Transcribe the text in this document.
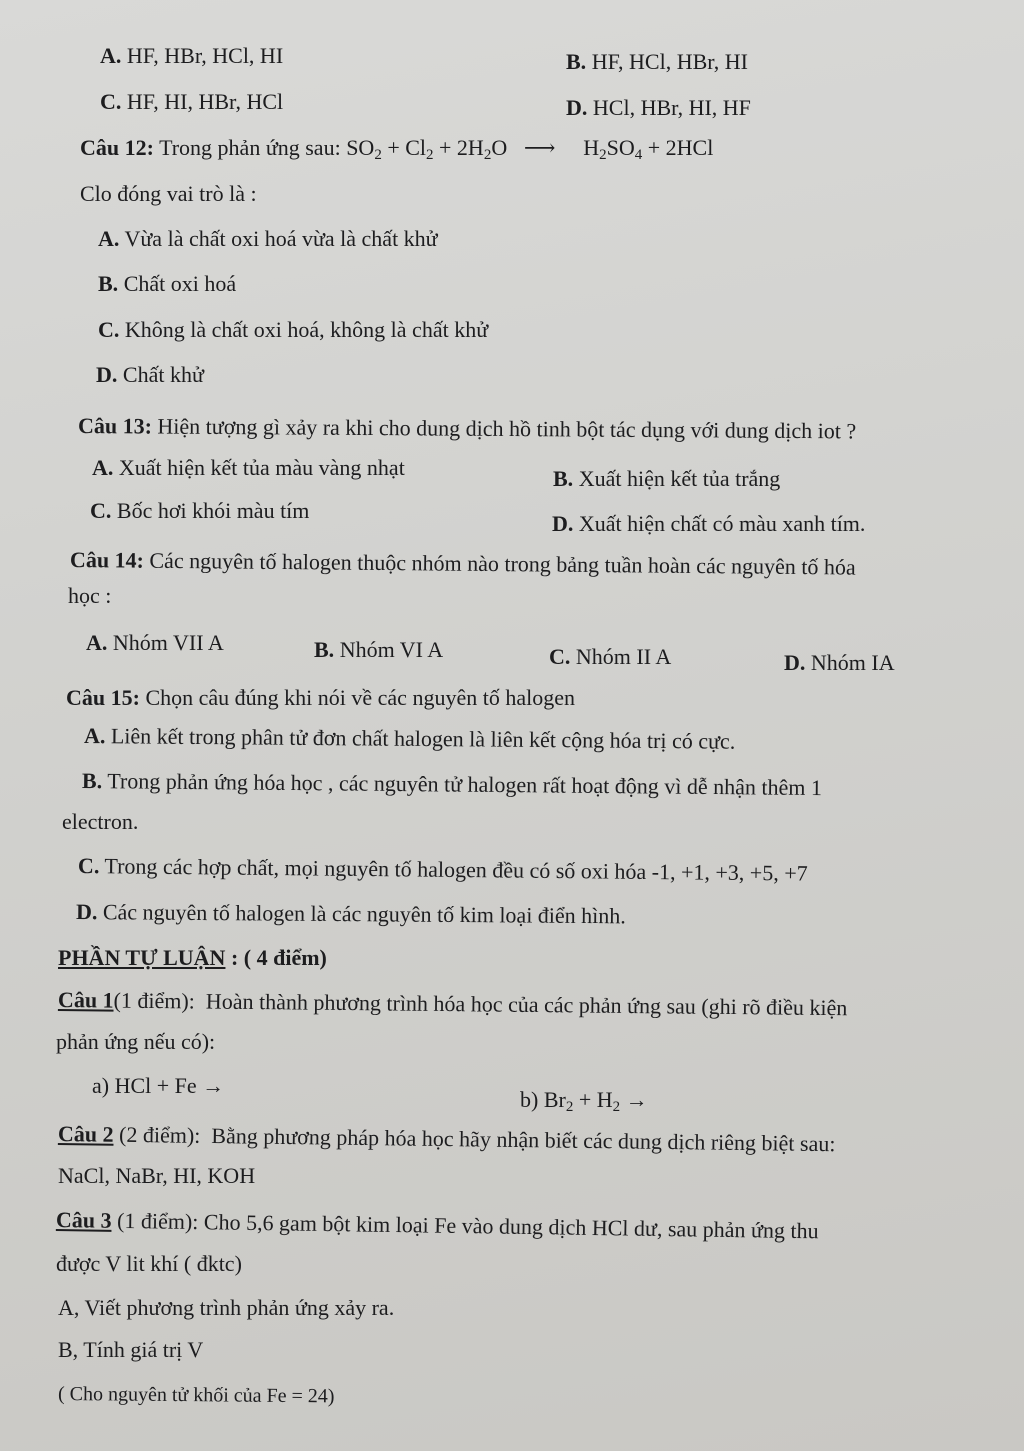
A. HF, HBr, HCl, HI	B. HF, HCl, HBr, HI
C. HF, HI, HBr, HCl	D. HCl, HBr, HI, HF
Câu 12: Trong phản ứng sau: $SO_2 + Cl_2 + 2H_2O$ ⟶ $H_2SO_4 + 2HCl$
Clo đóng vai trò là :
A. Vừa là chất oxi hoá vừa là chất khử
B. Chất oxi hoá
C. Không là chất oxi hoá, không là chất khử
D. Chất khử
Câu 13: Hiện tượng gì xảy ra khi cho dung dịch hồ tinh bột tác dụng với dung dịch iot ?
A. Xuất hiện kết tủa màu vàng nhạt	B. Xuất hiện kết tủa trắng
C. Bốc hơi khói màu tím
D. Xuất hiện chất có màu xanh tím.
Câu 14: Các nguyên tố halogen thuộc nhóm nào trong bảng tuần hoàn các nguyên tố hóa
học :
A. Nhóm VII A	B. Nhóm VI A	C. Nhóm II A	D. Nhóm IA
Câu 15: Chọn câu đúng khi nói về các nguyên tố halogen
A. Liên kết trong phân tử đơn chất halogen là liên kết cộng hóa trị có cực.
B. Trong phản ứng hóa học , các nguyên tử halogen rất hoạt động vì dễ nhận thêm 1
electron.
C. Trong các hợp chất, mọi nguyên tố halogen đều có số oxi hóa -1, +1, +3, +5, +7
D. Các nguyên tố halogen là các nguyên tố kim loại điển hình.
PHẦN TỰ LUẬN : ( 4 điểm)
Câu 1(1 điểm): Hoàn thành phương trình hóa học của các phản ứng sau (ghi rõ điều kiện
phản ứng nếu có):
a) HCl + Fe →
b) $Br_2 + H_2$ →
Câu 2 (2 điểm): Bằng phương pháp hóa học hãy nhận biết các dung dịch riêng biệt sau:
NaCl, NaBr, HI, KOH
Câu 3 (1 điểm): Cho 5,6 gam bột kim loại Fe vào dung dịch HCl dư, sau phản ứng thu
được V lit khí ( đktc)
A, Viết phương trình phản ứng xảy ra.
B, Tính giá trị V
( Cho nguyên tử khối của Fe = 24)
